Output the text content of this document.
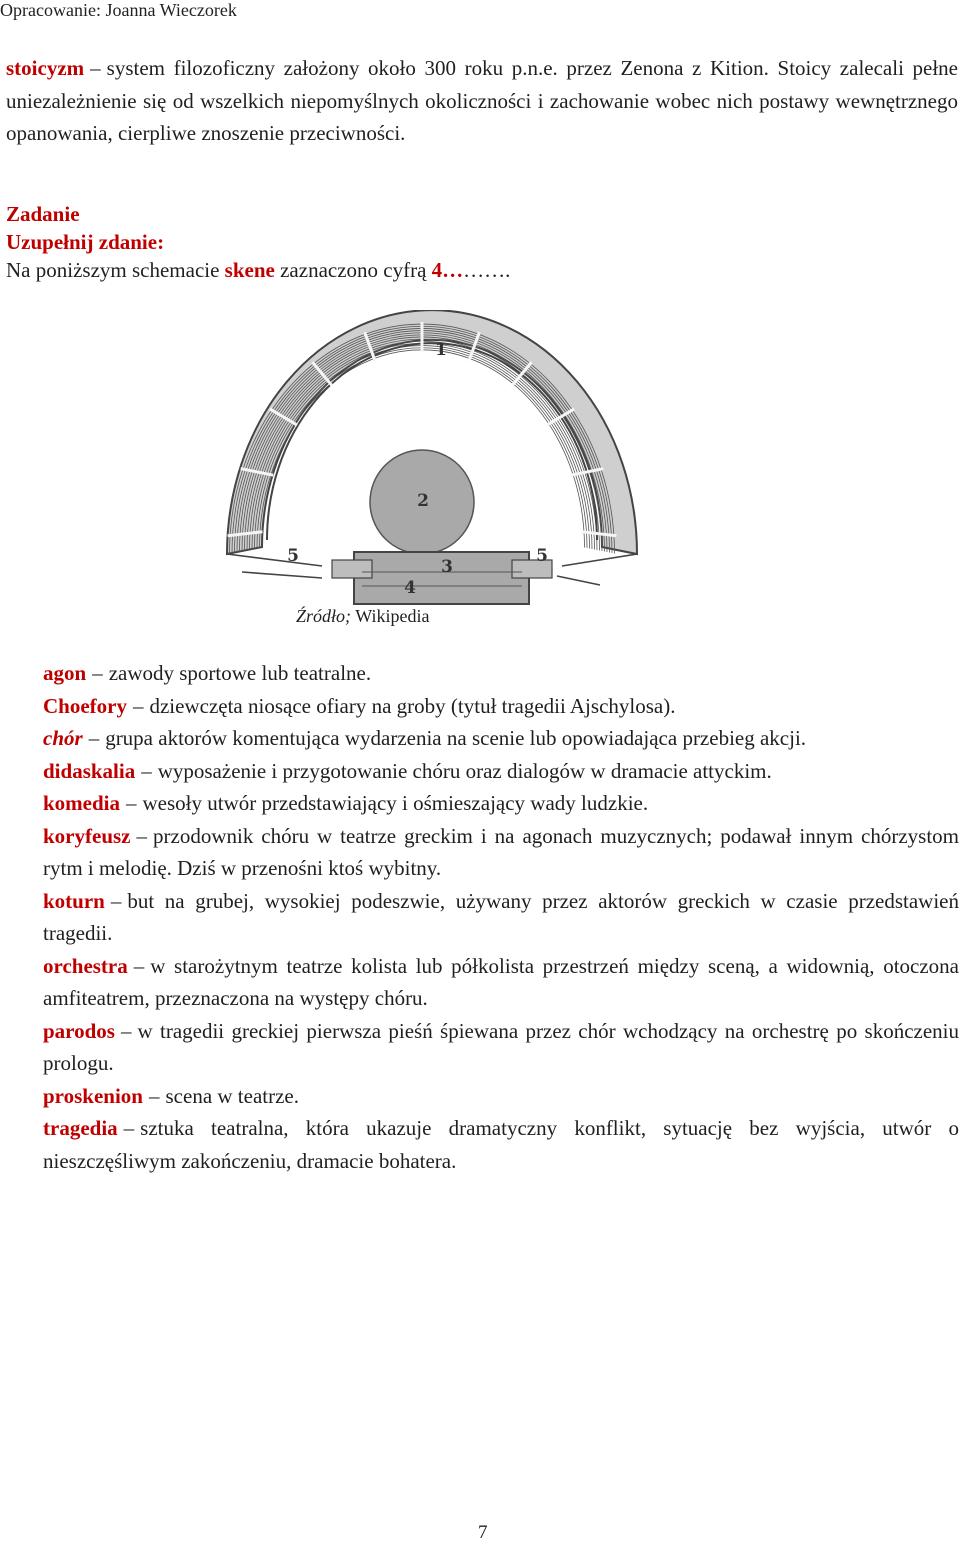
Opracowanie: Joanna Wieczorek

stoicyzm – system filozoficzny założony około 300 roku p.n.e. przez Zenona z Kition. Stoicy zalecali pełne uniezależnienie się od wszelkich niepomyślnych okoliczności i zachowanie wobec nich postawy wewnętrznego opanowania, cierpliwe znoszenie przeciwności.

Zadanie
Uzupełnij zdanie:
Na poniższym schemacie skene zaznaczono cyfrą 4……….
1
2
3
4
5	5
Źródło; Wikipedia

agon – zawody sportowe lub teatralne.

Choefory – dziewczęta niosące ofiary na groby (tytuł tragedii Ajschylosa).

chór – grupa aktorów komentująca wydarzenia na scenie lub opowiadająca przebieg akcji.

didaskalia – wyposażenie i przygotowanie chóru oraz dialogów w dramacie attyckim.

komedia – wesoły utwór przedstawiający i ośmieszający wady ludzkie.

koryfeusz – przodownik chóru w teatrze greckim i na agonach muzycznych; podawał innym chórzystom rytm i melodię. Dziś w przenośni ktoś wybitny.

koturn – but na grubej, wysokiej podeszwie, używany przez aktorów greckich w czasie przedstawień tragedii.

orchestra – w starożytnym teatrze kolista lub półkolista przestrzeń między sceną, a widownią, otoczona amfiteatrem, przeznaczona na występy chóru.

parodos – w tragedii greckiej pierwsza pieśń śpiewana przez chór wchodzący na orchestrę po skończeniu prologu.

proskenion – scena w teatrze.

tragedia – sztuka teatralna, która ukazuje dramatyczny konflikt, sytuację bez wyjścia, utwór o nieszczęśliwym zakończeniu, dramacie bohatera.

7
